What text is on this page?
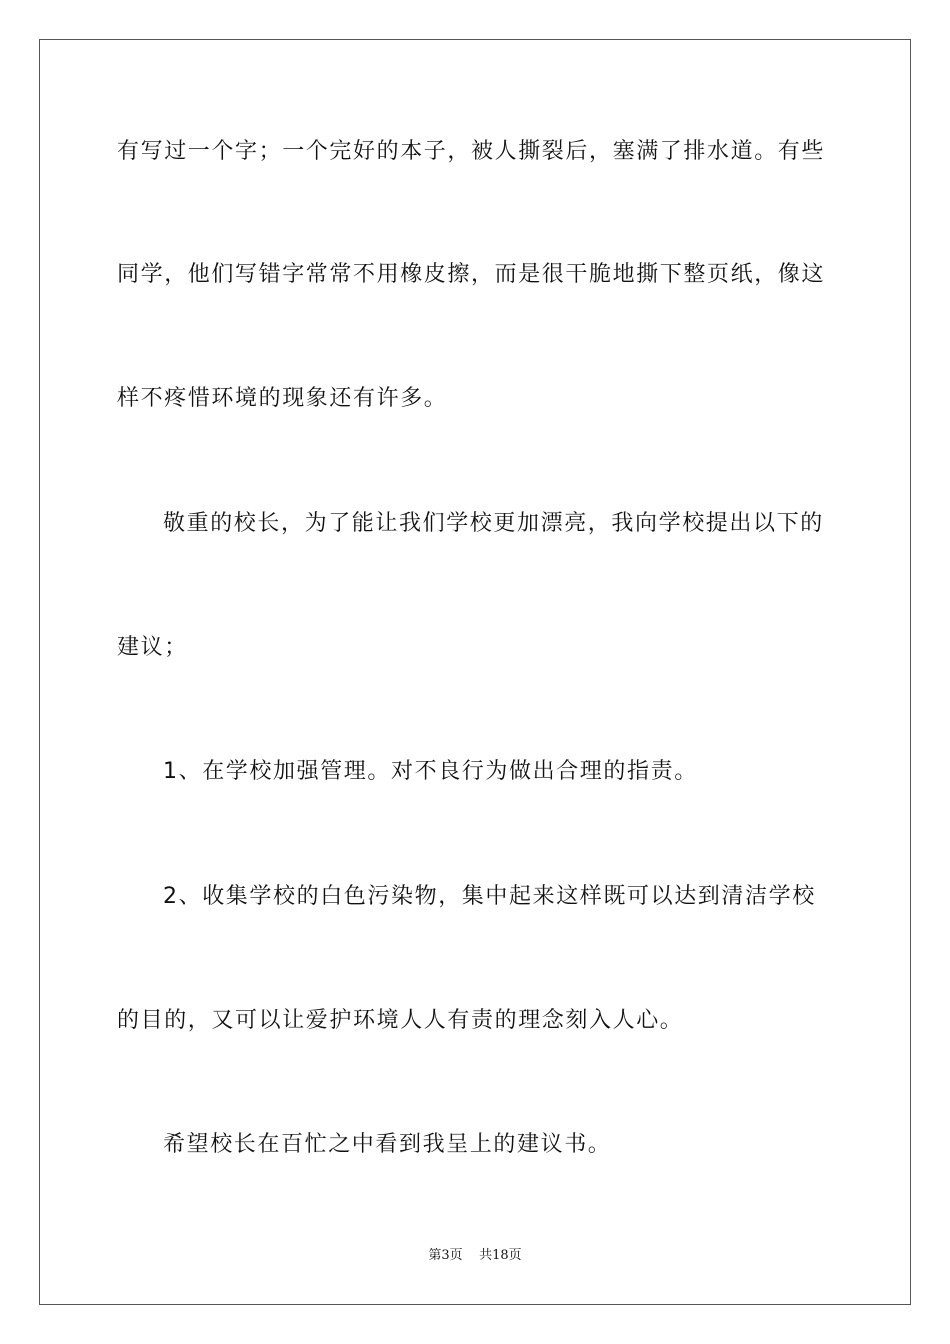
有写过一个字；一个完好的本子，被人撕裂后，塞满了排水道。有些
同学，他们写错字常常不用橡皮擦，而是很干脆地撕下整页纸，像这
样不疼惜环境的现象还有许多。
敬重的校长，为了能让我们学校更加漂亮，我向学校提出以下的
建议；
1、在学校加强管理。对不良行为做出合理的指责。
2、收集学校的白色污染物，集中起来这样既可以达到清洁学校
的目的，又可以让爱护环境人人有责的理念刻入人心。
希望校长在百忙之中看到我呈上的建议书。
第3页 共18页
